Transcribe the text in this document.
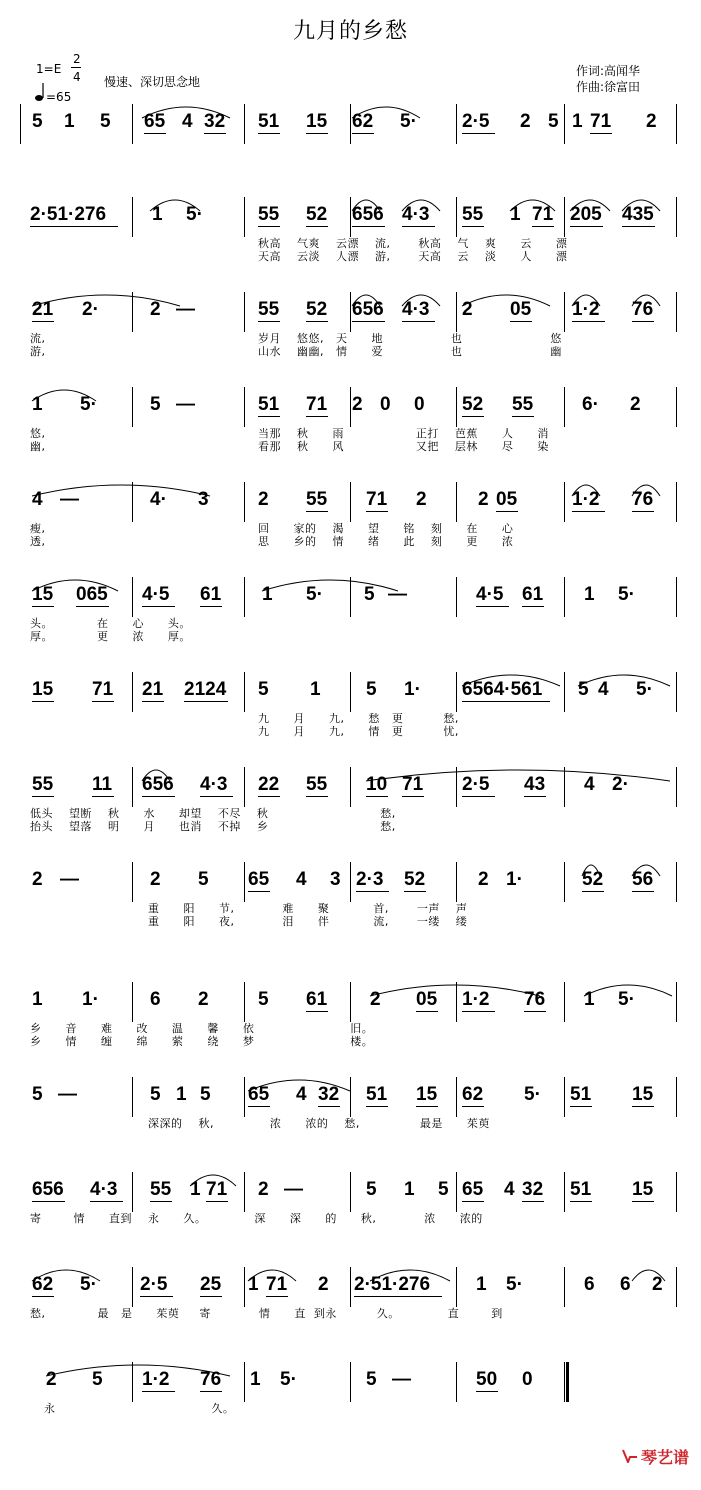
九月的乡愁
1=E
2
4
=65
慢速、深切思念地
作词:高闻华
作曲:徐富田
5 1 5 65 4 32 51 15 62 5· 2·5 2 5 1 71 2
2·51·276 1 5·	55 52 656 4·3 55 1 71 205 435
秋高    气爽    云漂    流,       秋高    气    爽      云      漂
天高    云淡    人漂    游,       天高    云    淡      人      漂
21 2·	2 —	55 52 656 4·3 2 05 1·2 76
流,
游,
岁月    悠悠,   天      地                 也                      悠
山水    幽幽,   情      爱                 也                      幽
1 5·	5 —	51 71 2 0 0 52 55	6· 2
悠,
幽,
当那    秋      雨                  正打    芭蕉      人      消
看那    秋      风                  又把    层林      尽      染
4 —	4· 3	2 55 71 2	2 05	1·2 76
瘦,
透,
回      家的    渴      望      铭    刻      在      心
思      乡的    情      绪      此    刻      更      浓
15 065 4·5 61 1 5· 5 —	4·5 61 1 5·
头。           在      心      头。
厚。           更      浓      厚。
15 71 21 2124 5 1 5 1· 6564·561 5 4 5·
九      月      九,      愁   更          愁,
九      月      九,      情   更          忧,
55 11 656 4·3 22 55 10 71 2·5 43 4 2·
低头    望断    秋      水      却望    不尽    秋                            愁,
抬头    望落    明      月      也消    不掉    乡                            愁,
2 —	2 5 65 4 3 2·3 52	2 1·	52 56
重      阳      节,            难      聚           首,       一声    声
重      阳      夜,            泪      伴           流,       一缕    缕
1 1·	6 2	5 61 2 05 1·2 76 1 5·
乡      音      难      改      温      馨      依                        旧。
乡      情      缠      绵      萦      绕      梦                        楼。
5 —	5 1 5 65 4 32 51 15 62 5· 51 15
深深的    秋,              浓      浓的    愁,               最是      茱萸
656 4·3 55 1 71 2 —	5 1 5 65 4 32 51 15
寄        情      直到    永      久。            深      深      的      秋,            浓      浓的
62 5· 2·5 25 1 71 2 2·51·276 1 5·	6 6 2
愁,             最   是      茱萸     寄            情      直  到永          久。            直        到
2 5 1·2 76 1 5·	5 —	50 0
永                                       久。
琴艺谱
